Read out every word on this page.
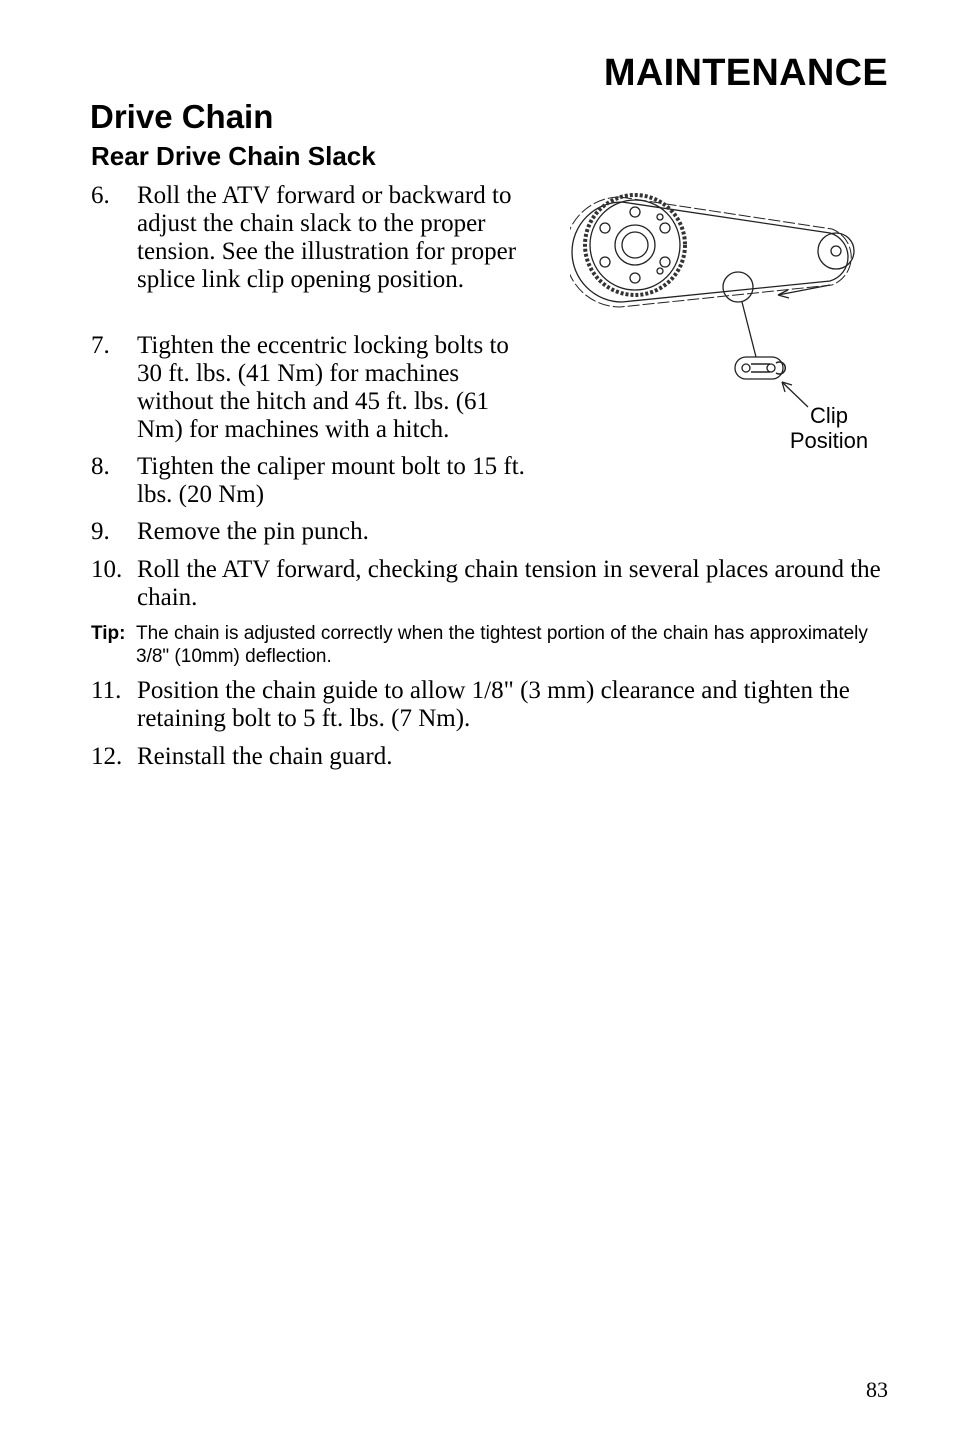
MAINTENANCE
Drive Chain
Rear Drive Chain Slack
6. Roll the ATV forward or backward to adjust the chain slack to the proper tension. See the illustration for proper splice link clip opening position.
7. Tighten the eccentric locking bolts to 30 ft. lbs. (41 Nm) for machines without the hitch and 45 ft. lbs. (61 Nm) for machines with a hitch.
8. Tighten the caliper mount bolt to 15 ft. lbs. (20 Nm)
9. Remove the pin punch.
10. Roll the ATV forward, checking chain tension in several places around the chain.
Tip: The chain is adjusted correctly when the tightest portion of the chain has approximately 3/8" (10mm) deflection.
11. Position the chain guide to allow 1/8" (3 mm) clearance and tighten the retaining bolt to 5 ft. lbs. (7 Nm).
12. Reinstall the chain guard.
Clip
Position
83
